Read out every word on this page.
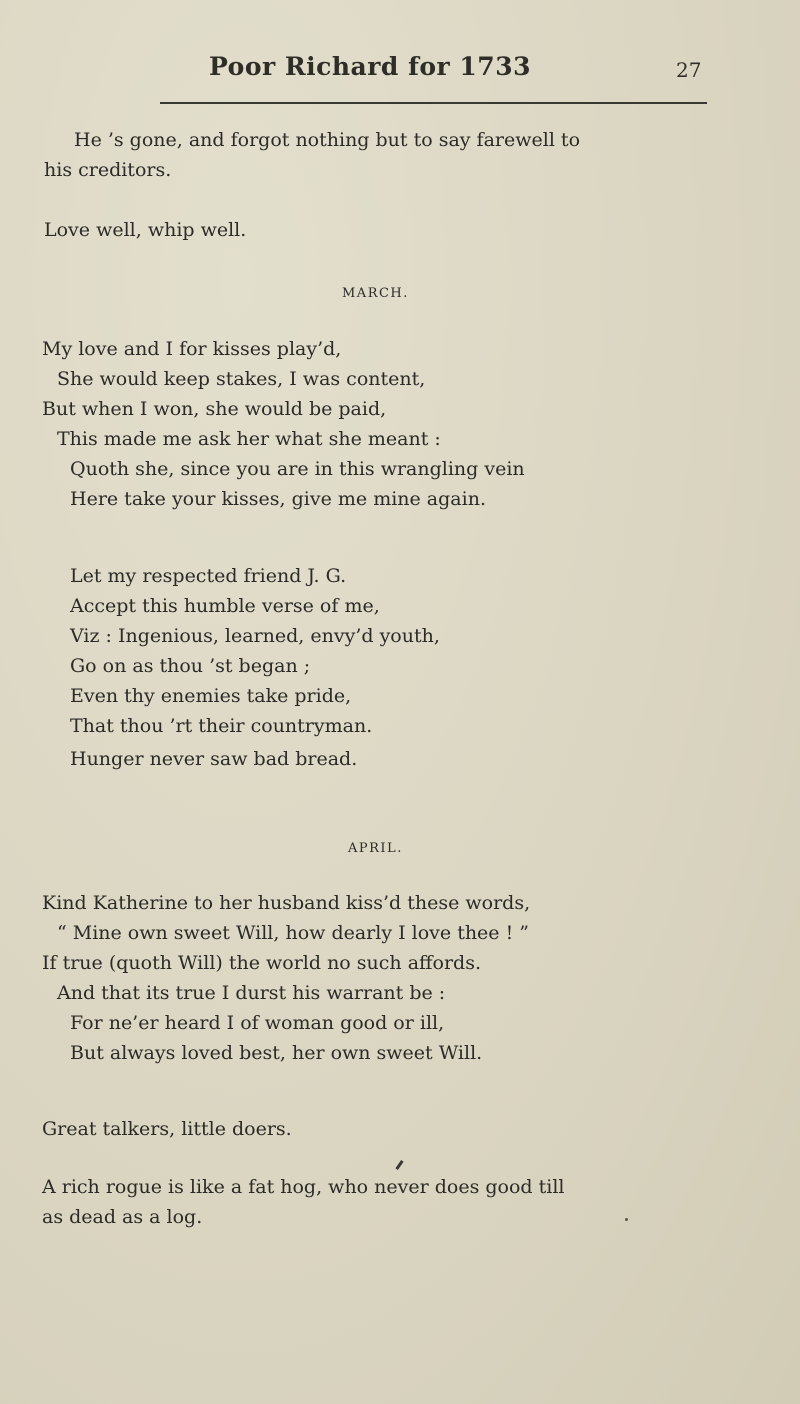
Poor Richard for 1733	27
He ’s gone, and forgot nothing but to say farewell to
his creditors.
Love well, whip well.
MARCH.
My love and I for kisses play’d,
She would keep stakes, I was content,
But when I won, she would be paid,
This made me ask her what she meant :
Quoth she, since you are in this wrangling vein
Here take your kisses, give me mine again.
Let my respected friend J. G.
Accept this humble verse of me,
Viz : Ingenious, learned, envy’d youth,
Go on as thou ’st began ;
Even thy enemies take pride,
That thou ’rt their countryman.
Hunger never saw bad bread.
APRIL.
Kind Katherine to her husband kiss’d these words,
“ Mine own sweet Will, how dearly I love thee ! ”
If true (quoth Will) the world no such affords.
And that its true I durst his warrant be :
For ne’er heard I of woman good or ill,
But always loved best, her own sweet Will.
Great talkers, little doers.
A rich rogue is like a fat hog, who never does good till
as dead as a log.
